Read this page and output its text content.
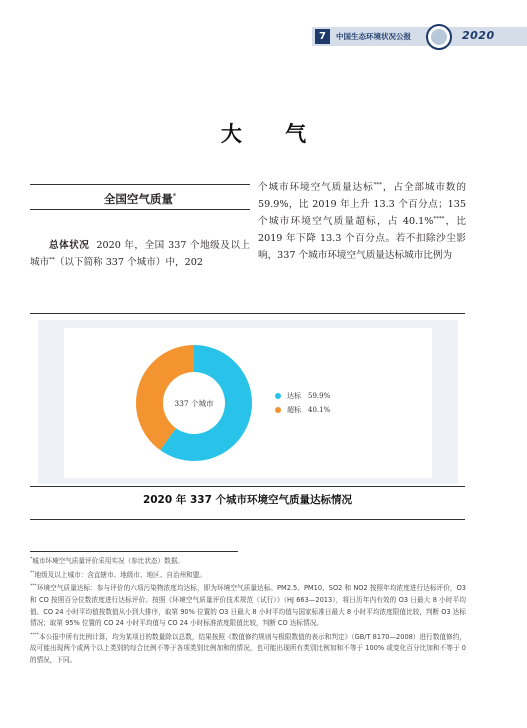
7	中国生态环境状况公报	2020
大 气
全国空气质量*

总体状况 2020 年，全国 337 个地级及以上城市**（以下简称 337 个城市）中，202

个城市环境空气质量达标***，占全部城市数的 59.9%，比 2019 年上升 13.3 个百分点；135 个城市环境空气质量超标，占 40.1%****，比 2019 年下降 13.3 个百分点。若不扣除沙尘影响，337 个城市环境空气质量达标城市比例为

337 个城市
达标 59.9%
超标 40.1%
2020 年 337 个城市环境空气质量达标情况

*城市环境空气质量评价采用实况（参比状态）数据。

**地级及以上城市：含直辖市、地级市、地区、自治州和盟。

***环境空气质量达标：参与评价的六项污染物浓度均达标，即为环境空气质量达标。PM2.5、PM10、SO2 和 NO2 按照年均浓度进行达标评价，O3 和 CO 按照百分位数浓度进行达标评价。按照《环境空气质量评价技术规范（试行）》（HJ 663—2013），将日历年内有效的 O3 日最大 8 小时平均值、CO 24 小时平均值按数值从小到大排序，取第 90% 位置的 O3 日最大 8 小时平均值与国家标准日最大 8 小时平均浓度限值比较，判断 O3 达标情况；取第 95% 位置的 CO 24 小时平均值与 CO 24 小时标准浓度限值比较，判断 CO 达标情况。

****本公报中所有比例计算，均为某项目的数量除以总数，结果按照《数值修约规则与极限数值的表示和判定》（GB/T 8170—2008）进行数值修约，故可能出现两个或两个以上类别的综合比例不等于各项类别比例加和的情况，也可能出现所有类别比例加和不等于 100% 或变化百分比加和不等于 0 的情况，下同。
